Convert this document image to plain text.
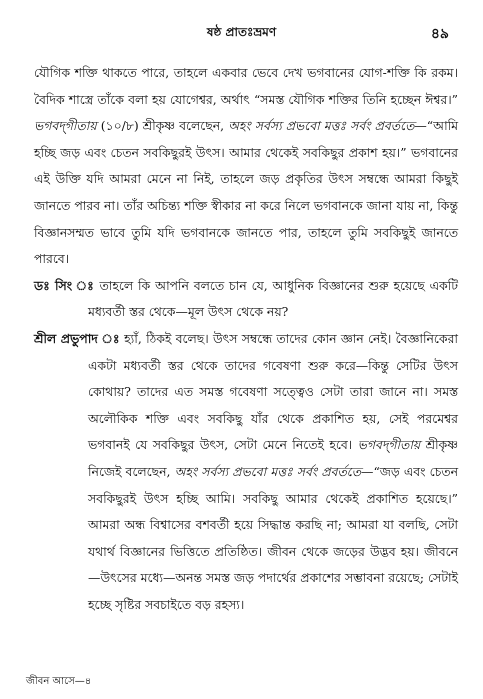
ষষ্ঠ প্রাতঃভ্রমণ	৪৯

যৌগিক শক্তি থাকতে পারে, তাহলে একবার ভেবে দেখ ভগবানের যোগ-শক্তি কি রকম। বৈদিক শাস্ত্রে তাঁকে বলা হয় যোগেশ্বর, অর্থাৎ “সমস্ত যৌগিক শক্তির তিনি হচ্ছেন ঈশ্বর।” ভগবদ্‌গীতায় (১০/৮) শ্রীকৃষ্ণ বলেছেন, অহং সর্বস্য প্রভবো মত্তঃ সর্বং প্রবর্ততে—“আমি হচ্ছি জড় এবং চেতন সবকিছুরই উৎস। আমার থেকেই সবকিছুর প্রকাশ হয়।” ভগবানের এই উক্তি যদি আমরা মেনে না নিই, তাহলে জড় প্রকৃতির উৎস সম্বন্ধে আমরা কিছুই জানতে পারব না। তাঁর অচিন্ত্য শক্তি স্বীকার না করে নিলে ভগবানকে জানা যায় না, কিন্তু বিজ্ঞানসম্মত ভাবে তুমি যদি ভগবানকে জানতে পার, তাহলে তুমি সবকিছুই জানতে পারবে।

ডঃ সিং ঃ তাহলে কি আপনি বলতে চান যে, আধুনিক বিজ্ঞানের শুরু হয়েছে একটি মধ্যবর্তী স্তর থেকে—মূল উৎস থেকে নয়?

শ্রীল প্রভুপাদ ঃ হ্যাঁ, ঠিকই বলেছ। উৎস সম্বন্ধে তাদের কোন জ্ঞান নেই। বৈজ্ঞানিকেরা একটা মধ্যবর্তী স্তর থেকে তাদের গবেষণা শুরু করে—কিন্তু সেটির উৎস কোথায়? তাদের এত সমস্ত গবেষণা সত্ত্বেও সেটা তারা জানে না। সমস্ত অলৌকিক শক্তি এবং সবকিছু যাঁর থেকে প্রকাশিত হয়, সেই পরমেশ্বর ভগবানই যে সবকিছুর উৎস, সেটা মেনে নিতেই হবে। ভগবদ্‌গীতায় শ্রীকৃষ্ণ নিজেই বলেছেন, অহং সর্বস্য প্রভবো মত্তঃ সর্বং প্রবর্ততে—“জড় এবং চেতন সবকিছুরই উৎস হচ্ছি আমি। সবকিছু আমার থেকেই প্রকাশিত হয়েছে।” আমরা অন্ধ বিশ্বাসের বশবর্তী হয়ে সিদ্ধান্ত করছি না; আমরা যা বলছি, সেটা যথার্থ বিজ্ঞানের ভিত্তিতে প্রতিষ্ঠিত। জীবন থেকে জড়ের উদ্ভব হয়। জীবনে—উৎসের মধ্যে—অনন্ত সমস্ত জড় পদার্থের প্রকাশের সম্ভাবনা রয়েছে; সেটাই হচ্ছে সৃষ্টির সবচাইতে বড় রহস্য।

জীবন আসে—৪
